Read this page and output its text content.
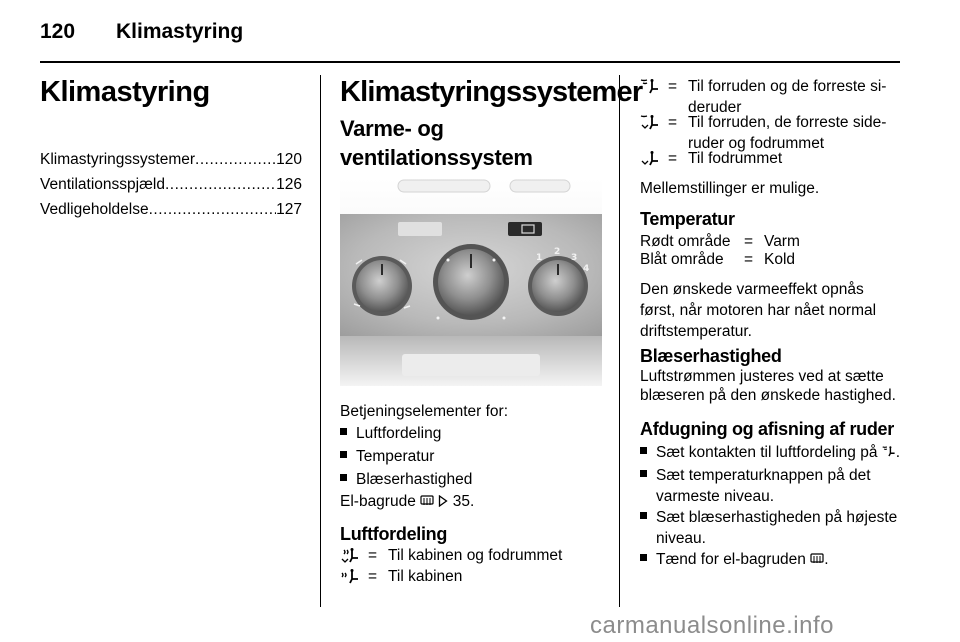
120 Klimastyring
Klimastyring
Klimastyringssystemer .....	120
Ventilationsspjæld .....	126
Vedligeholdelse .....	127
Klimastyringssystemer
Varme- og
ventilationssystem
1
2
3
4
Betjeningselementer for:
Luftfordeling
Temperatur
Blæserhastighed
El-bagrude 35.
Luftfordeling
= Til kabinen og fodrummet
= Til kabinen
= Til forruden og de forreste si-
deruder
= Til forruden, de forreste side-
ruder og fodrummet
= Til fodrummet
Mellemstillinger er mulige.
Temperatur
Rødt område = Varm
Blåt område	= Kold
Den ønskede varmeeffekt opnås
først, når motoren har nået normal
driftstemperatur.
Blæserhastighed
Luftstrømmen justeres ved at sætte
blæseren på den ønskede hastighed.
Afdugning og afisning af ruder
Sæt kontakten til luftfordeling på .
Sæt temperaturknappen på det
varmeste niveau.
Sæt blæserhastigheden på højeste
niveau.
Tænd for el-bagruden .
carmanualsonline.info
